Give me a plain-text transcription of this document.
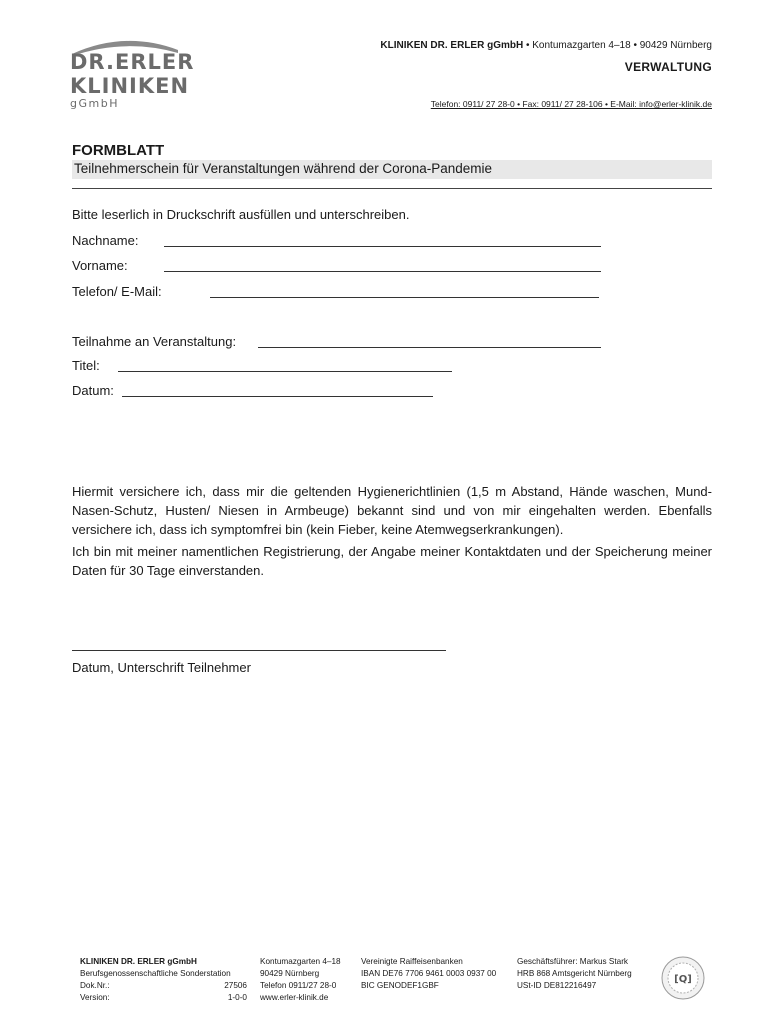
DR.ERLER
KLINIKEN
gGmbH
KLINIKEN DR. ERLER gGmbH • Kontumazgarten 4–18 • 90429 Nürnberg
VERWALTUNG
Telefon: 0911/ 27 28-0 • Fax: 0911/ 27 28-106 • E-Mail: info@erler-klinik.de
FORMBLATT
Teilnehmerschein für Veranstaltungen während der Corona-Pandemie
Bitte leserlich in Druckschrift ausfüllen und unterschreiben.
Nachname:
Vorname:
Telefon/ E-Mail:
Teilnahme an Veranstaltung:
Titel:
Datum:
Hiermit versichere ich, dass mir die geltenden Hygienerichtlinien (1,5 m Abstand, Hände waschen, Mund-Nasen-Schutz, Husten/ Niesen in Armbeuge) bekannt sind und von mir eingehalten werden. Ebenfalls versichere ich, dass ich symptomfrei bin (kein Fieber, keine Atemwegserkrankungen).
Ich bin mit meiner namentlichen Registrierung, der Angabe meiner Kontaktdaten und der Speicherung meiner Daten für 30 Tage einverstanden.
Datum, Unterschrift Teilnehmer
KLINIKEN DR. ERLER gGmbH
Berufsgenossenschaftliche Sonderstation
Dok.Nr.:	27506
Version:	1-0-0
Kontumazgarten 4–18
90429 Nürnberg
Telefon 0911/27 28-0
www.erler-klinik.de
Vereinigte Raiffeisenbanken
IBAN DE76 7706 9461 0003 0937 00
BIC GENODEF1GBF
Geschäftsführer: Markus Stark
HRB 868 Amtsgericht Nürnberg
USt-ID DE812216497
[Q]
